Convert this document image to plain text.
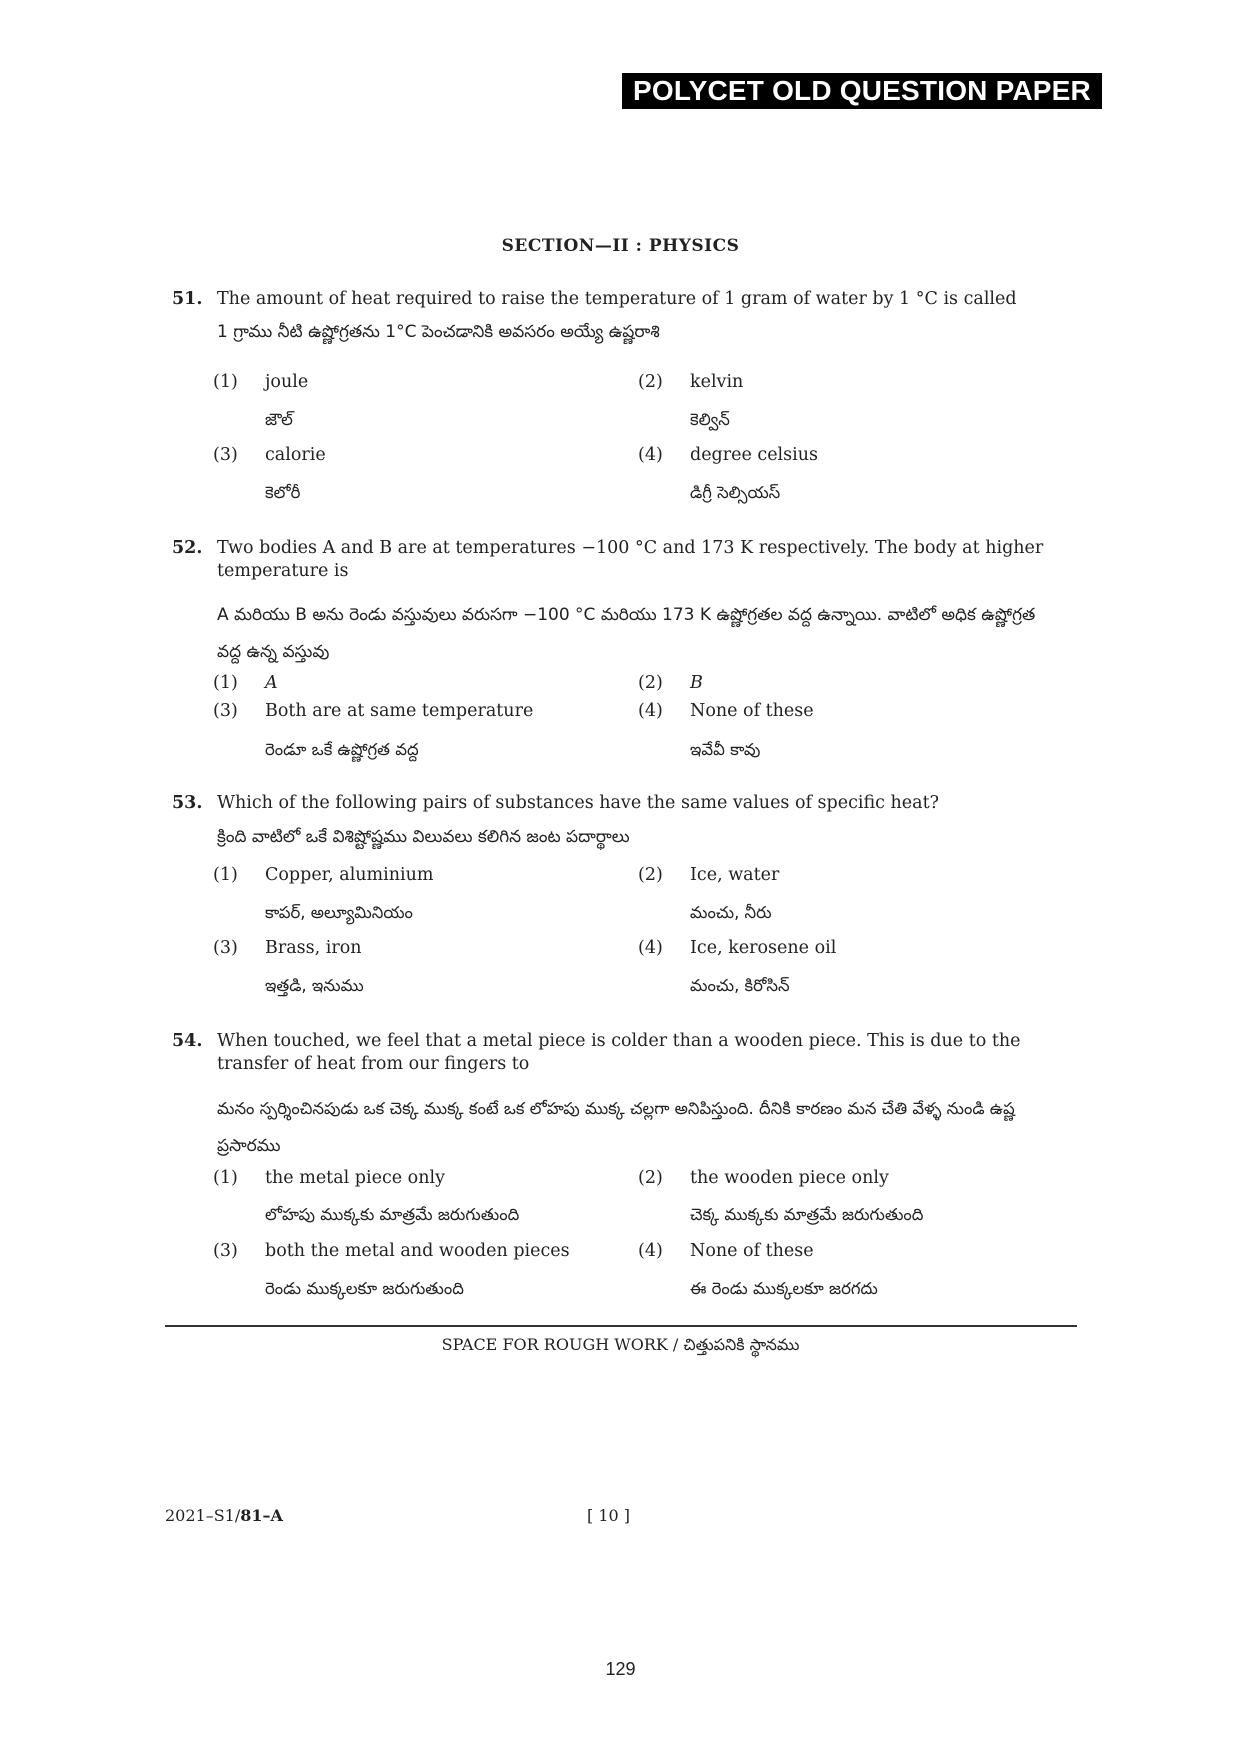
POLYCET OLD QUESTION PAPER
SECTION—II : PHYSICS
51. The amount of heat required to raise the temperature of 1 gram of water by 1 °C is called
1 గ్రాము నీటి ఉష్ణోగ్రతను 1°C పెంచడానికి అవసరం అయ్యే ఉష్ణరాశి
(1) joule
జౌల్
(2) kelvin
కెల్విన్
(3) calorie
కెలోరీ
(4) degree celsius
డిగ్రీ సెల్సియస్
52. Two bodies A and B are at temperatures −100 °C and 173 K respectively. The body at higher temperature is
A మరియు B అను రెండు వస్తువులు వరుసగా −100 °C మరియు 173 K ఉష్ణోగ్రతల వద్ద ఉన్నాయి. వాటిలో అధిక ఉష్ణోగ్రత
వద్ద ఉన్న వస్తువు
(1) A	(2) B
(3) Both are at same temperature
రెండూ ఒకే ఉష్ణోగ్రత వద్ద
(4) None of these
ఇవేవీ కావు
53. Which of the following pairs of substances have the same values of specific heat?
క్రింది వాటిలో ఒకే విశిష్టోష్ణము విలువలు కలిగిన జంట పదార్థాలు
(1) Copper, aluminium
కాపర్, అల్యూమినియం
(2) Ice, water
మంచు, నీరు
(3) Brass, iron
ఇత్తడి, ఇనుము
(4) Ice, kerosene oil
మంచు, కిరోసిన్
54. When touched, we feel that a metal piece is colder than a wooden piece. This is due to the transfer of heat from our fingers to
మనం స్పర్శించినపుడు ఒక చెక్క ముక్క కంటే ఒక లోహపు ముక్క చల్లగా అనిపిస్తుంది. దీనికి కారణం మన చేతి వేళ్ళ నుండి ఉష్ణ
ప్రసారము
(1) the metal piece only
లోహపు ముక్కకు మాత్రమే జరుగుతుంది
(2) the wooden piece only
చెక్క ముక్కకు మాత్రమే జరుగుతుంది
(3) both the metal and wooden pieces
రెండు ముక్కలకూ జరుగుతుంది
(4) None of these
ఈ రెండు ముక్కలకూ జరగదు
SPACE FOR ROUGH WORK / చిత్తుపనికి స్థానము
2021–S1/81–A	[ 10 ]
129
